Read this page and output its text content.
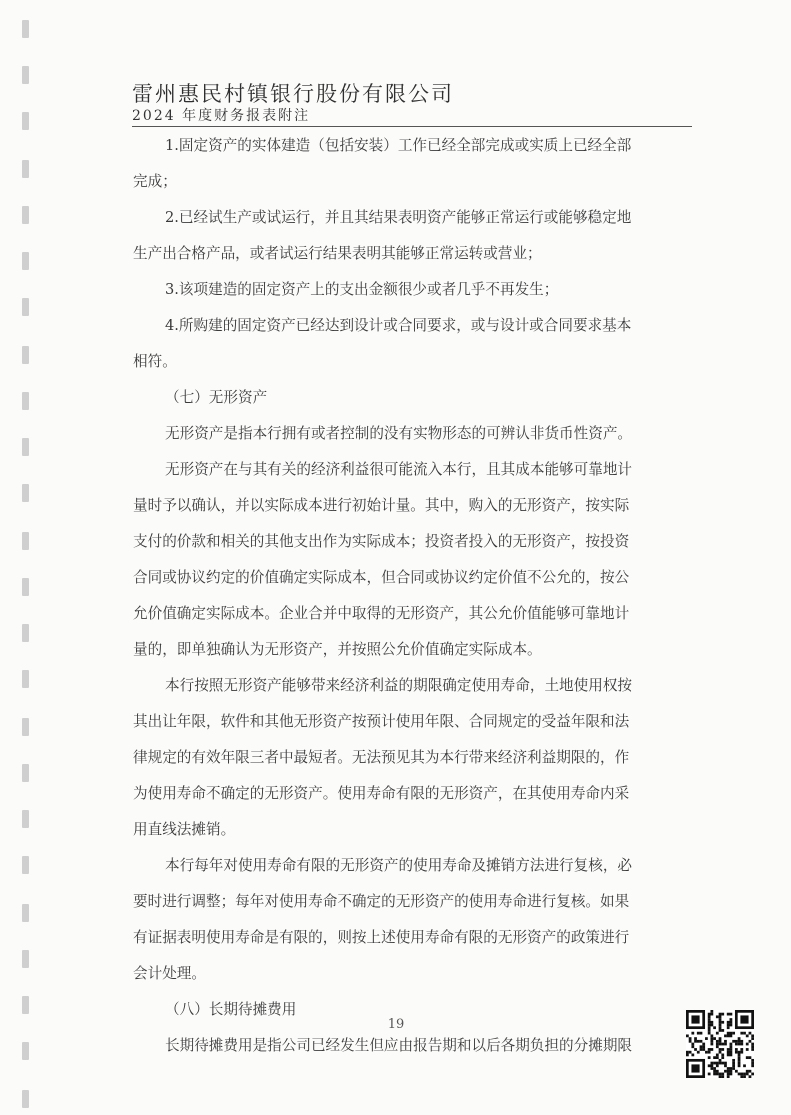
雷州惠民村镇银行股份有限公司
2024 年度财务报表附注
1.固定资产的实体建造（包括安装）工作已经全部完成或实质上已经全部
完成；
2.已经试生产或试运行，并且其结果表明资产能够正常运行或能够稳定地
生产出合格产品，或者试运行结果表明其能够正常运转或营业；
3.该项建造的固定资产上的支出金额很少或者几乎不再发生；
4.所购建的固定资产已经达到设计或合同要求，或与设计或合同要求基本
相符。
（七）无形资产
无形资产是指本行拥有或者控制的没有实物形态的可辨认非货币性资产。
无形资产在与其有关的经济利益很可能流入本行，且其成本能够可靠地计
量时予以确认，并以实际成本进行初始计量。其中，购入的无形资产，按实际
支付的价款和相关的其他支出作为实际成本；投资者投入的无形资产，按投资
合同或协议约定的价值确定实际成本，但合同或协议约定价值不公允的，按公
允价值确定实际成本。企业合并中取得的无形资产，其公允价值能够可靠地计
量的，即单独确认为无形资产，并按照公允价值确定实际成本。
本行按照无形资产能够带来经济利益的期限确定使用寿命，土地使用权按
其出让年限，软件和其他无形资产按预计使用年限、合同规定的受益年限和法
律规定的有效年限三者中最短者。无法预见其为本行带来经济利益期限的，作
为使用寿命不确定的无形资产。使用寿命有限的无形资产，在其使用寿命内采
用直线法摊销。
本行每年对使用寿命有限的无形资产的使用寿命及摊销方法进行复核，必
要时进行调整；每年对使用寿命不确定的无形资产的使用寿命进行复核。如果
有证据表明使用寿命是有限的，则按上述使用寿命有限的无形资产的政策进行
会计处理。
（八）长期待摊费用
长期待摊费用是指公司已经发生但应由报告期和以后各期负担的分摊期限
19
